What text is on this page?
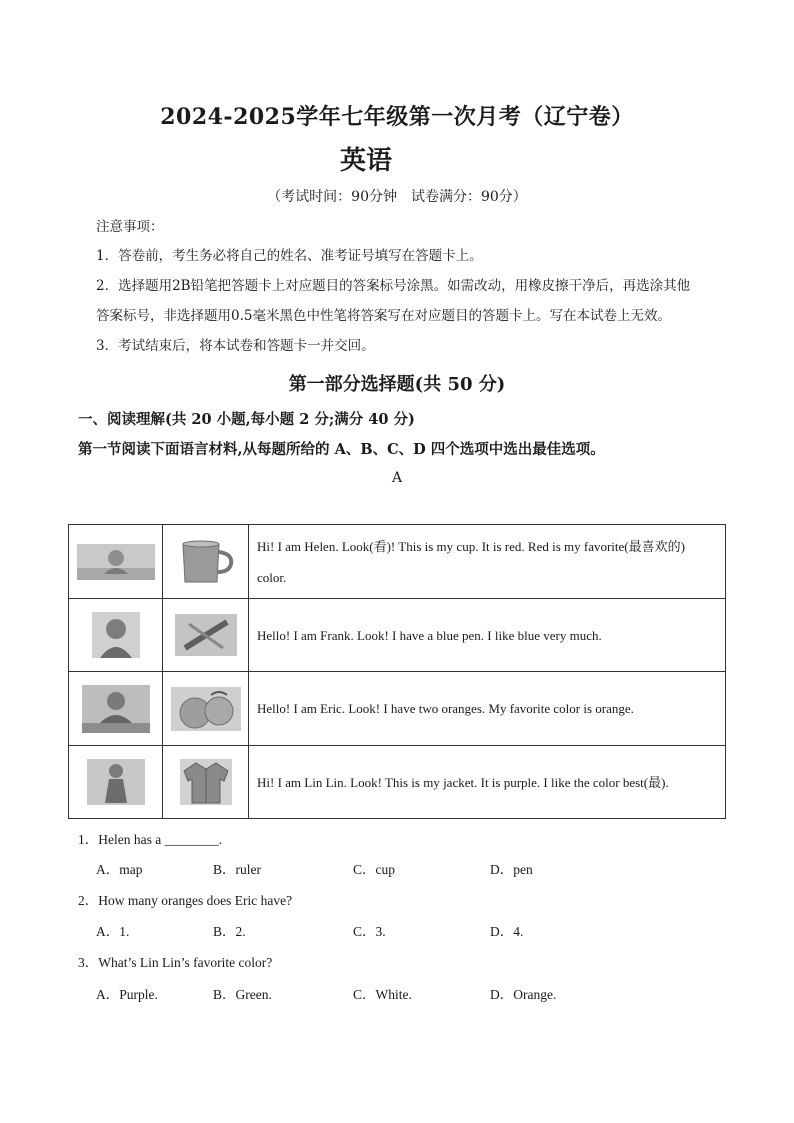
2024-2025学年七年级第一次月考（辽宁卷）
英语
（考试时间：90分钟　试卷满分：90分）
注意事项：
1．答卷前，考生务必将自己的姓名、准考证号填写在答题卡上。
2．选择题用2B铅笔把答题卡上对应题目的答案标号涂黑。如需改动，用橡皮擦干净后，再选涂其他
答案标号，非选择题用0.5毫米黑色中性笔将答案写在对应题目的答题卡上。写在本试卷上无效。
3．考试结束后，将本试卷和答题卡一并交回。
第一部分选择题(共 50 分)
一、阅读理解(共 20 小题,每小题 2 分;满分 40 分)
第一节阅读下面语言材料,从每题所给的 A、B、C、D 四个选项中选出最佳选项。
A

Hi! I am Helen. Look(看)! This is my cup. It is red. Red is my favorite(最喜欢的)
color.

Hello! I am Frank. Look! I have a blue pen. I like blue very much.

Hello! I am Eric. Look! I have two oranges. My favorite color is orange.

Hi! I am Lin Lin. Look! This is my jacket. It is purple. I like the color best(最).
1．Helen has a ________.
A．map	B．ruler	C．cup	D．pen
2．How many oranges does Eric have?
A．1.	B．2.	C．3.	D．4.
3．What’s Lin Lin’s favorite color?
A．Purple.	B．Green.	C．White.	D．Orange.
